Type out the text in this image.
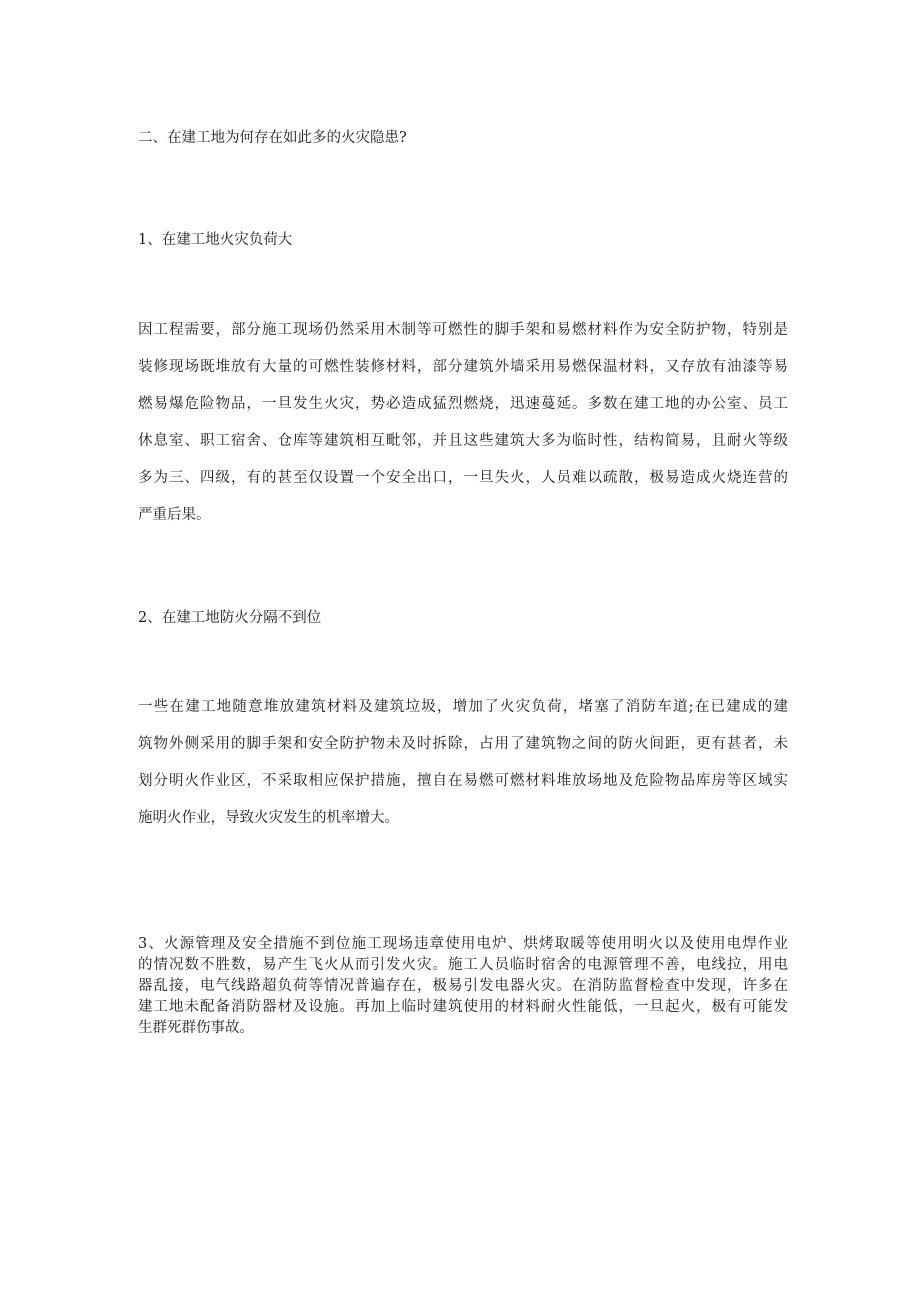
二、在建工地为何存在如此多的火灾隐患?
1、在建工地火灾负荷大
因工程需要，部分施工现场仍然采用木制等可燃性的脚手架和易燃材料作为安全防护物，特别是
装修现场既堆放有大量的可燃性装修材料，部分建筑外墙采用易燃保温材料，又存放有油漆等易
燃易爆危险物品，一旦发生火灾，势必造成猛烈燃烧，迅速蔓延。多数在建工地的办公室、员工
休息室、职工宿舍、仓库等建筑相互毗邻，并且这些建筑大多为临时性，结构简易，且耐火等级
多为三、四级，有的甚至仅设置一个安全出口，一旦失火，人员难以疏散，极易造成火烧连营的
严重后果。
2、在建工地防火分隔不到位
一些在建工地随意堆放建筑材料及建筑垃圾，增加了火灾负荷，堵塞了消防车道;在已建成的建
筑物外侧采用的脚手架和安全防护物未及时拆除，占用了建筑物之间的防火间距，更有甚者，未
划分明火作业区，不采取相应保护措施，擅自在易燃可燃材料堆放场地及危险物品库房等区域实
施明火作业，导致火灾发生的机率增大。
3、火源管理及安全措施不到位施工现场违章使用电炉、烘烤取暖等使用明火以及使用电焊作业
的情况数不胜数，易产生飞火从而引发火灾。施工人员临时宿舍的电源管理不善，电线拉，用电
器乱接，电气线路超负荷等情况普遍存在，极易引发电器火灾。在消防监督检查中发现，许多在
建工地未配备消防器材及设施。再加上临时建筑使用的材料耐火性能低，一旦起火，极有可能发
生群死群伤事故。
